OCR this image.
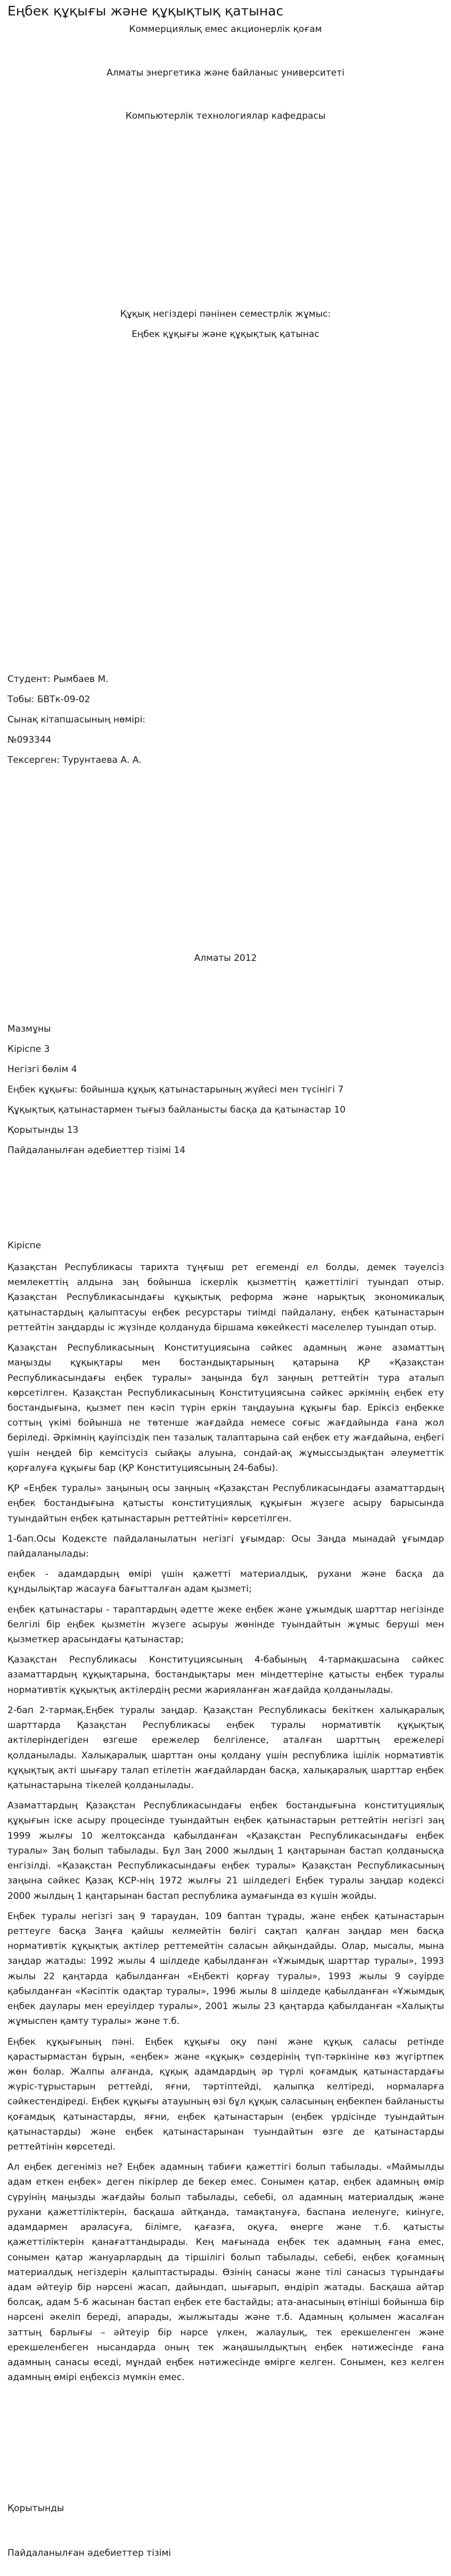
Еңбек құқығы және құқықтық қатынас
Коммерциялық емес акционерлік қоғам
Алматы энергетика және байланыс университеті
Компьютерлік технологиялар кафедрасы
Құқық негіздері пәнінен семестрлік жұмыс:
Еңбек құқығы және құқықтық қатынас
Студент: Рымбаев М.
Тобы: БВТк-09-02
Сынақ кітапшасының нөмірі:
№093344
Тексерген: Турунтаева А. А.
Алматы 2012
Мазмұны
Кіріспе 3
Негізгі бөлім 4
Еңбек құқығы: бойынша құқық қатынастарының жүйесі мен түсінігі 7
Құқықтық қатынастармен тығыз байланысты басқа да қатынастар 10
Қорытынды 13
Пайдаланылған әдебиеттер тізімі 14
Кіріспе

Қазақстан Республикасы тарихта тұңғыш рет егеменді ел болды, демек тәуелсіз мемлекеттің алдына заң бойынша іскерлік қызметтің қажеттілігі туындап отыр. Қазақстан Республикасындағы құқықтық реформа және нарықтық экономикалық қатынастардың қалыптасуы еңбек ресурстары тиімді пайдалану, еңбек қатынастарын реттейтін заңдарды іс жүзінде қолдануда біршама көкейкесті мәселелер туындап отыр.

Қазақстан Республикасының Конституциясына сәйкес адамның және азаматтың маңызды құқықтары мен бостандықтарының қатарына ҚР «Қазақстан Республикасындағы еңбек туралы» заңында бұл заңның реттейтін тура аталып көрсетілген. Қазақстан Республикасының Конституциясына сәйкес әркімнің еңбек ету бостандығына, қызмет пен кәсіп түрін еркін таңдауына құқығы бар. Еріксіз еңбекке соттың үкімі бойынша не төтенше жағдайда немесе соғыс жағдайында ғана жол беріледі. Әркімнің қауіпсіздік пен тазалық талаптарына сай еңбек ету жағдайына, еңбегі үшін неңдей бір кемсітусіз сыйақы алуына, сондай-ақ жұмыссыздықтан әлеуметтік қорғалуға құқығы бар (ҚР Конституциясының 24-бабы).

ҚР «Еңбек туралы» заңының осы заңның «Қазақстан Республикасындағы азаматтардың еңбек бостандығына қатысты конституциялық құқығын жүзеге асыру барысында туындайтын еңбек қатынастарын реттейтіні» көрсетілген.

1-бап.Осы Кодексте пайдаланылатын негізгі ұғымдар: Осы Заңда мынадай ұғымдар пайдаланылады:

еңбек - адамдардың өмірі үшін қажетті материалдық, рухани және басқа да құндылықтар жасауға бағытталған адам қызметі;

еңбек қатынастары - тараптардың әдетте жеке еңбек және ұжымдық шарттар негізінде белгілі бір еңбек қызметін жүзеге асыруы жөнінде туындайтын жұмыс беруші мен қызметкер арасындағы қатынастар;

Қазақстан Республикасы Конституциясының 4-бабының 4-тармақшасына сәйкес азаматтардың құқықтарына, бостандықтары мен міндеттеріне қатысты еңбек туралы нормативтік құқықтық актілердің ресми жарияланған жағдайда қолданылады.

2-бап 2-тармақ.Еңбек туралы заңдар. Қазақстан Республикасы бекіткен халықаралық шарттарда Қазақстан Республикасы еңбек туралы нормативтік құқықтық актілеріндегіден өзгеше ережелер белгіленсе, аталған шарттың ережелері қолданылады. Халықаралық шарттан оны қолдану үшін республика ішілік нормативтік құқықтық акті шығару талап етілетін жағдайлардан басқа, халықаралық шарттар еңбек қатынастарына тікелей қолданылады.

Азаматтардың Қазақстан Республикасындағы еңбек бостандығына конституциялық құқығын іске асыру процесінде туындайтын еңбек қатынастарын реттейтін негізгі заң 1999 жылғы 10 желтоқсанда қабылданған «Қазақстан Республикасындағы еңбек туралы» Заң болып табылады. Бұл Заң 2000 жылдың 1 қаңтарынан бастап қолданысқа енгізілді. «Қазақстан Республикасындағы еңбек туралы» Қазақстан Республикасының заңына сәйкес Қазақ КСР-нің 1972 жылғы 21 шілдедегі Еңбек туралы заңдар кодексі 2000 жылдың 1 қаңтарынан бастап республика аумағында өз күшін жойды.

Еңбек туралы негізгі заң 9 тараудан, 109 баптан тұрады, және еңбек қатынастарын реттеуге басқа Заңға қайшы келмейтін бөлігі сақтап қалған заңдар мен басқа нормативтік құқықтық актілер реттемейтін саласын айқындайды. Олар, мысалы, мына заңдар жатады: 1992 жылы 4 шілдеде қабылданған «Ұжымдық шарттар туралы», 1993 жылы 22 қаңтарда қабылданған «Еңбекті қорғау туралы», 1993 жылы 9 сәуірде қабылданған «Кәсіптік одақтар туралы», 1996 жылы 8 шілдеде қабылданған «Ұжымдық еңбек даулары мен ереуілдер туралы», 2001 жылы 23 қаңтарда қабылданған «Халықты жұмыспен қамту туралы» және т.б.

Еңбек құқығының пәні. Еңбек құқығы оқу пәні және құқық саласы ретінде қарастырмастан бұрын, «еңбек» және «құқық» сөздерінің түп-тәркініне көз жүгіртпек жөн болар. Жалпы алғанда, құқық адамдардың әр түрлі қоғамдық қатынастардағы жүріс-тұрыстарын реттейді, яғни, тәртіптейді, қалыпқа келтіреді, нормаларға сәйкестендіреді. Еңбек құқығы атауының өзі бұл құқық саласының еңбекпен байланысты қоғамдық қатынастарды, яғни, еңбек қатынастарын (еңбек үрдісінде туындайтын қатынастарды) және еңбек қатынастарынан туындайтын өзге де қатынастарды реттейтінін көрсетеді.

Ал еңбек дегеніміз не? Еңбек адамның табиғи қажеттігі болып табылады. «Маймылды адам еткен еңбек» деген пікірлер де бекер емес. Сонымен қатар, еңбек адамның өмір сүруінің маңызды жағдайы болып табылады, себебі, ол адамның материалдық және рухани қажеттіліктерін, басқаша айтқанда, тамақтануға, баспана иеленуге, киінуге, адамдармен араласуға, білімге, қағазға, оқуға, өнерге және т.б. қатысты қажеттіліктерін қанағаттандырады. Кең мағынада еңбек тек адамның ғана емес, сонымен қатар жануарлардың да тіршілігі болып табылады, себебі, еңбек қоғамның материалдық негіздерін қалыптастырады. Өзінің санасы және тілі санасыз түрындағы адам әйтеуір бір нәрсені жасап, дайындап, шығарып, өндіріп жатады. Басқаша айтар болсақ, адам 5-6 жасынан бастап еңбек ете бастайды; ата-анасының өтініші бойынша бір нәрсені әкеліп береді, апарады, жылжытады және т.б. Адамның қолымен жасалған заттың барлығы – әйтеуір бір нәрсе үлкен, жалаулық, тек ерекшеленген және ерекшеленбеген нысандарда оның тек жаңашылдықтың еңбек нәтижесінде ғана адамның санасы өседі, мұндай еңбек нәтижесінде өмірге келген. Сонымен, кез келген адамның өмірі еңбексіз мүмкін емес.

Қорытынды
Пайдаланылған әдебиеттер тізімі
